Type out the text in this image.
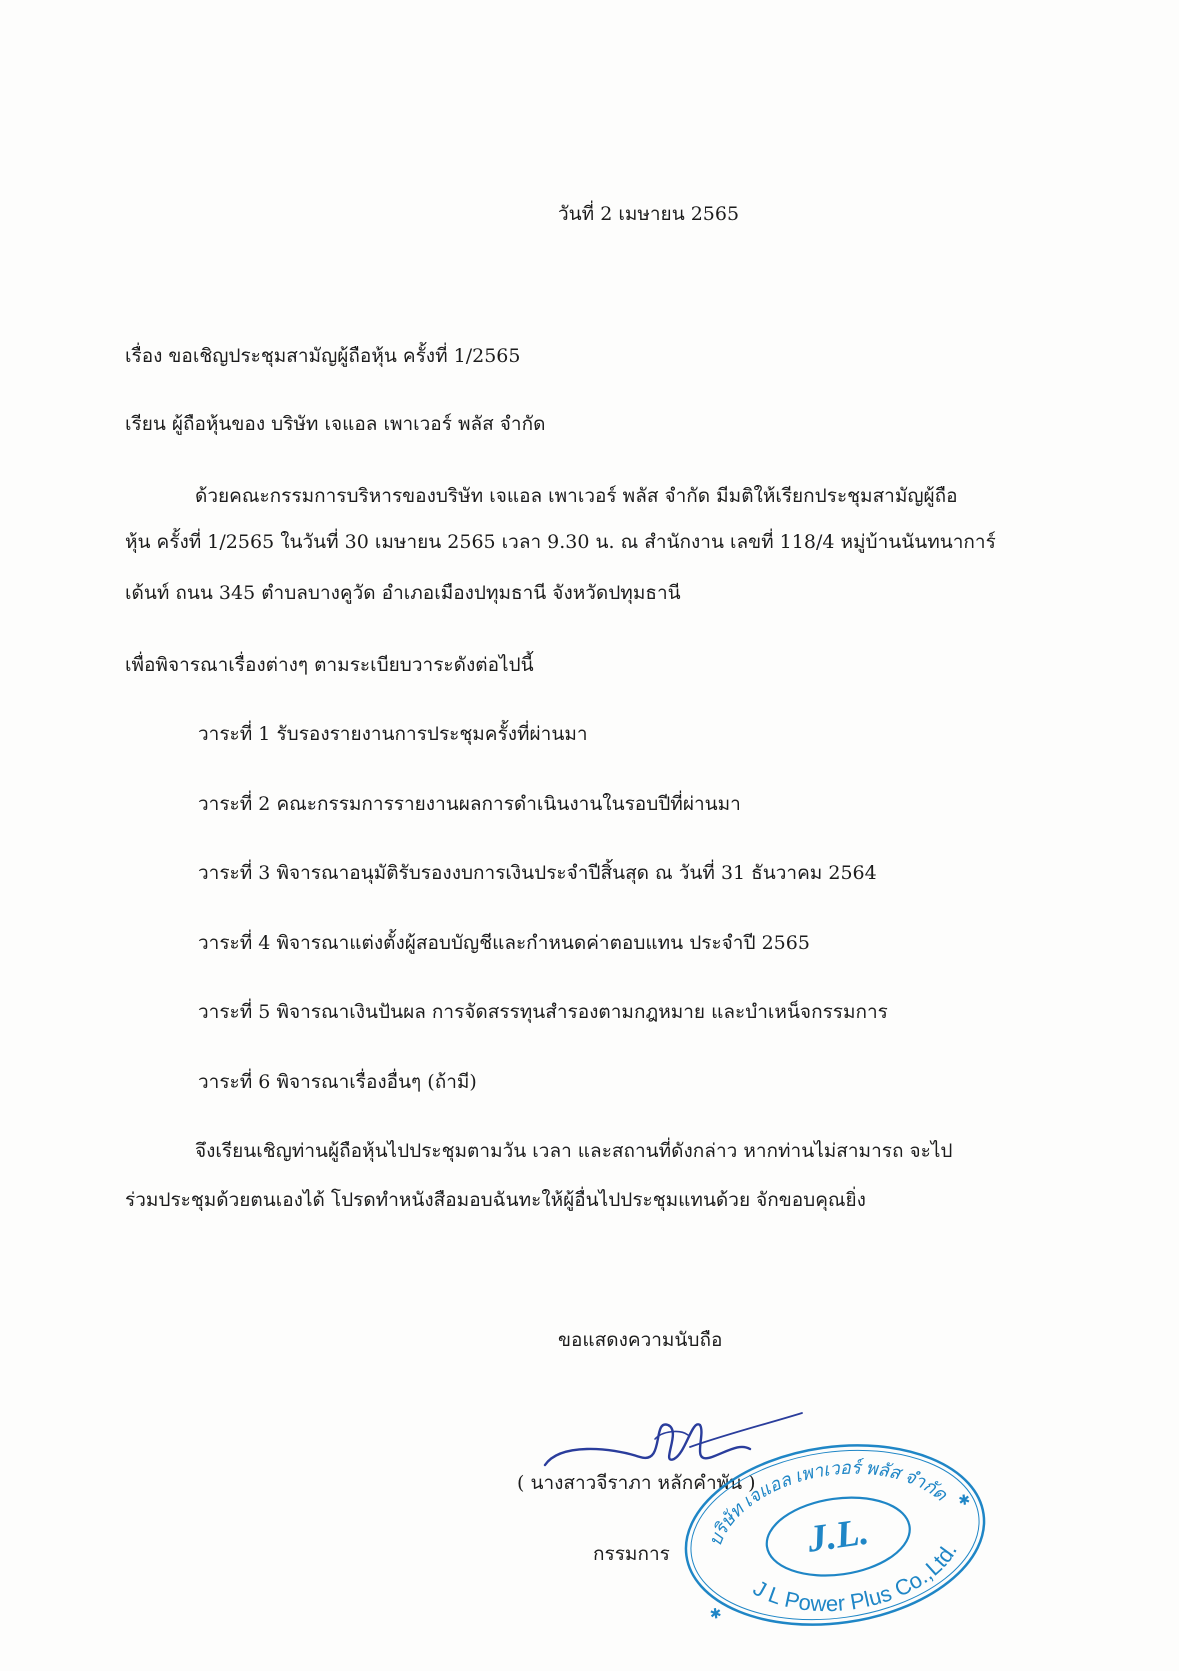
วันที่ 2 เมษายน 2565
เรื่อง ขอเชิญประชุมสามัญผู้ถือหุ้น ครั้งที่ 1/2565
เรียน ผู้ถือหุ้นของ บริษัท เจแอล เพาเวอร์ พลัส จำกัด
ด้วยคณะกรรมการบริหารของบริษัท เจแอล เพาเวอร์ พลัส จำกัด มีมติให้เรียกประชุมสามัญผู้ถือ
หุ้น ครั้งที่ 1/2565 ในวันที่ 30 เมษายน 2565 เวลา 9.30 น. ณ สำนักงาน เลขที่ 118/4 หมู่บ้านนันทนาการ์
เด้นท์ ถนน 345 ตำบลบางคูวัด อำเภอเมืองปทุมธานี จังหวัดปทุมธานี
เพื่อพิจารณาเรื่องต่างๆ ตามระเบียบวาระดังต่อไปนี้
วาระที่ 1 รับรองรายงานการประชุมครั้งที่ผ่านมา
วาระที่ 2 คณะกรรมการรายงานผลการดำเนินงานในรอบปีที่ผ่านมา
วาระที่ 3 พิจารณาอนุมัติรับรองงบการเงินประจำปีสิ้นสุด ณ วันที่ 31 ธันวาคม 2564
วาระที่ 4 พิจารณาแต่งตั้งผู้สอบบัญชีและกำหนดค่าตอบแทน ประจำปี 2565
วาระที่ 5 พิจารณาเงินปันผล การจัดสรรทุนสำรองตามกฎหมาย และบำเหน็จกรรมการ
วาระที่ 6 พิจารณาเรื่องอื่นๆ (ถ้ามี)
จึงเรียนเชิญท่านผู้ถือหุ้นไปประชุมตามวัน เวลา และสถานที่ดังกล่าว หากท่านไม่สามารถ จะไป
ร่วมประชุมด้วยตนเองได้ โปรดทำหนังสือมอบฉันทะให้ผู้อื่นไปประชุมแทนด้วย จักขอบคุณยิ่ง
ขอแสดงความนับถือ
( นางสาวจีราภา หลักคำพัน )
กรรมการ
บริษัท เจแอล เพาเวอร์ พลัส จำกัด
J.L.
J L Power Plus Co.,Ltd.
✱
✱
